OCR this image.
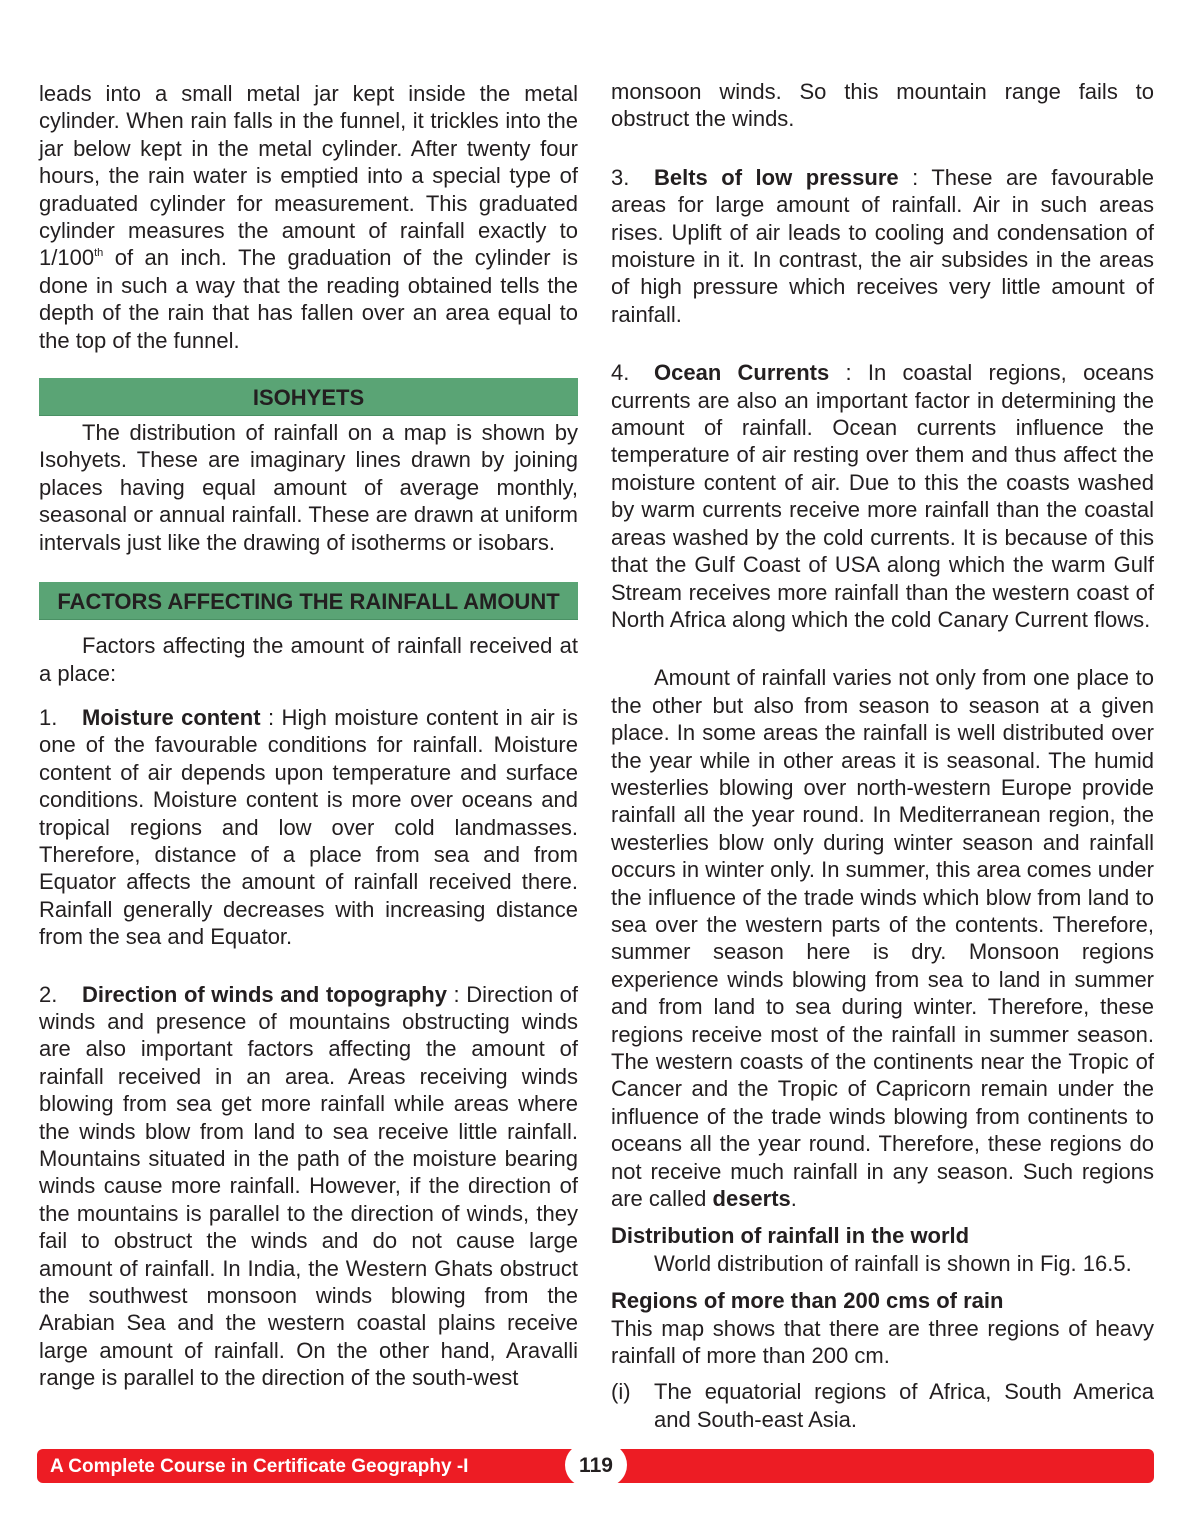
leads into a small metal jar kept inside the metal cylinder. When rain falls in the funnel, it trickles into the jar below kept in the metal cylinder. After twenty four hours, the rain water is emptied into a special type of graduated cylinder for measurement. This graduated cylinder measures the amount of rainfall exactly to 1/100th of an inch. The graduation of the cylinder is done in such a way that the reading obtained tells the depth of the rain that has fallen over an area equal to the top of the funnel.

ISOHYETS

The distribution of rainfall on a map is shown by Isohyets. These are imaginary lines drawn by joining places having equal amount of average monthly, seasonal or annual rainfall. These are drawn at uniform intervals just like the drawing of isotherms or isobars.

FACTORS AFFECTING THE RAINFALL AMOUNT

Factors affecting the amount of rainfall received at a place:

1. Moisture content : High moisture content in air is one of the favourable conditions for rainfall. Moisture content of air depends upon temperature and surface conditions. Moisture content is more over oceans and tropical regions and low over cold landmasses. Therefore, distance of a place from sea and from Equator affects the amount of rainfall received there. Rainfall generally decreases with increasing distance from the sea and Equator.

2. Direction of winds and topography : Direction of winds and presence of mountains obstructing winds are also important factors affecting the amount of rainfall received in an area. Areas receiving winds blowing from sea get more rainfall while areas where the winds blow from land to sea receive little rainfall. Mountains situated in the path of the moisture bearing winds cause more rainfall. However, if the direction of the mountains is parallel to the direction of winds, they fail to obstruct the winds and do not cause large amount of rainfall. In India, the Western Ghats obstruct the southwest monsoon winds blowing from the Arabian Sea and the western coastal plains receive large amount of rainfall. On the other hand, Aravalli range is parallel to the direction of the south-west

monsoon winds. So this mountain range fails to obstruct the winds.

3. Belts of low pressure : These are favourable areas for large amount of rainfall. Air in such areas rises. Uplift of air leads to cooling and condensation of moisture in it. In contrast, the air subsides in the areas of high pressure which receives very little amount of rainfall.

4. Ocean Currents : In coastal regions, oceans currents are also an important factor in determining the amount of rainfall. Ocean currents influence the temperature of air resting over them and thus affect the moisture content of air. Due to this the coasts washed by warm currents receive more rainfall than the coastal areas washed by the cold currents. It is because of this that the Gulf Coast of USA along which the warm Gulf Stream receives more rainfall than the western coast of North Africa along which the cold Canary Current flows.

Amount of rainfall varies not only from one place to the other but also from season to season at a given place. In some areas the rainfall is well distributed over the year while in other areas it is seasonal. The humid westerlies blowing over north-western Europe provide rainfall all the year round. In Mediterranean region, the westerlies blow only during winter season and rainfall occurs in winter only. In summer, this area comes under the influence of the trade winds which blow from land to sea over the western parts of the contents. Therefore, summer season here is dry. Monsoon regions experience winds blowing from sea to land in summer and from land to sea during winter. Therefore, these regions receive most of the rainfall in summer season. The western coasts of the continents near the Tropic of Cancer and the Tropic of Capricorn remain under the influence of the trade winds blowing from continents to oceans all the year round. Therefore, these regions do not receive much rainfall in any season. Such regions are called deserts.

Distribution of rainfall in the world

World distribution of rainfall is shown in Fig. 16.5.

Regions of more than 200 cms of rain

This map shows that there are three regions of heavy rainfall of more than 200 cm.

(i)	The equatorial regions of Africa, South America and South-east Asia.
A Complete Course in Certificate Geography -I	119
